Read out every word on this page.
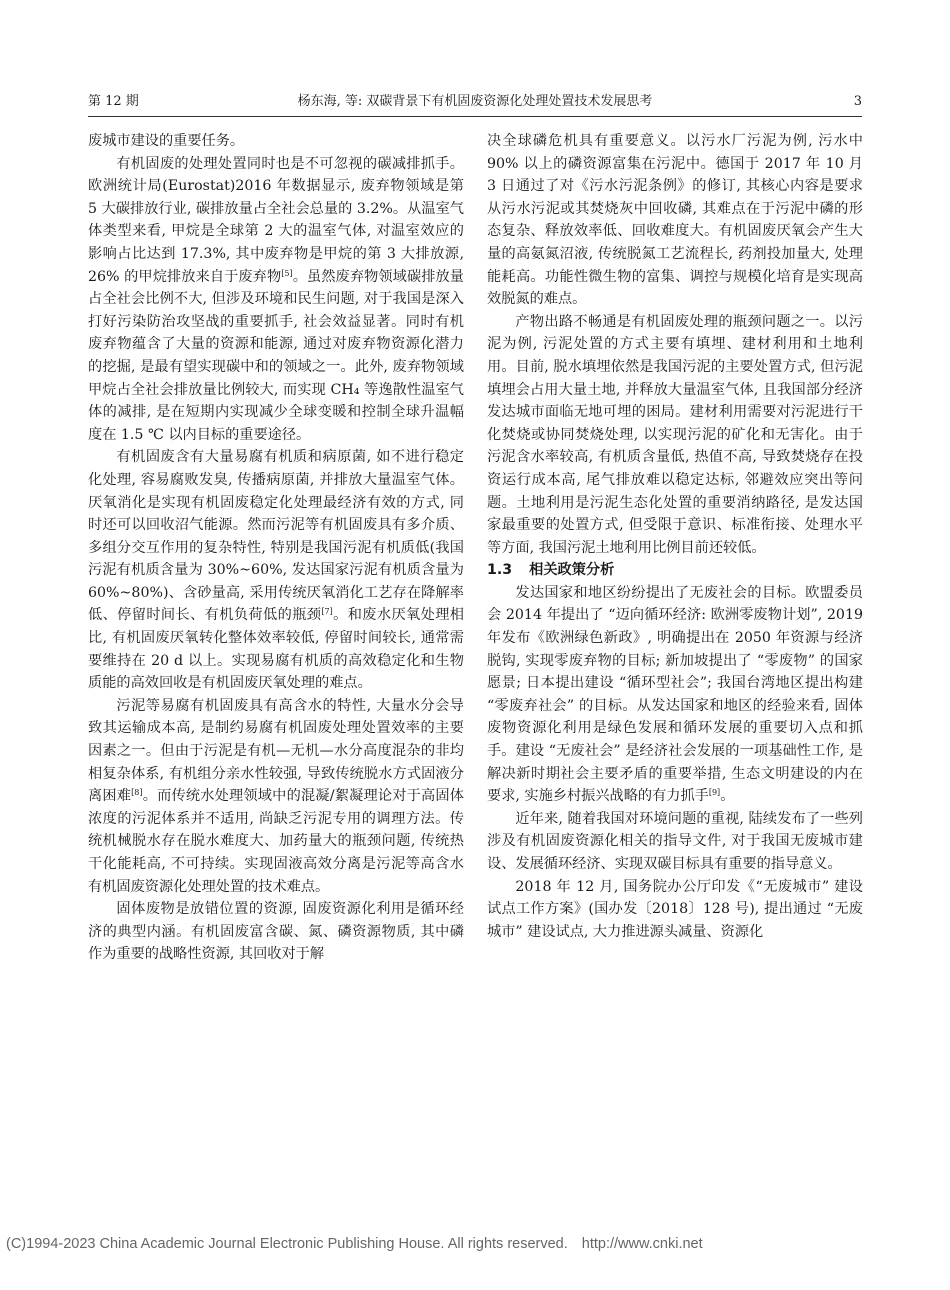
第 12 期	杨东海, 等: 双碳背景下有机固废资源化处理处置技术发展思考	3

废城市建设的重要任务。

有机固废的处理处置同时也是不可忽视的碳减排抓手。欧洲统计局(Eurostat)2016 年数据显示, 废弃物领域是第 5 大碳排放行业, 碳排放量占全社会总量的 3.2%。从温室气体类型来看, 甲烷是全球第 2 大的温室气体, 对温室效应的影响占比达到 17.3%, 其中废弃物是甲烷的第 3 大排放源, 26% 的甲烷排放来自于废弃物[5]。虽然废弃物领域碳排放量占全社会比例不大, 但涉及环境和民生问题, 对于我国是深入打好污染防治攻坚战的重要抓手, 社会效益显著。同时有机废弃物蕴含了大量的资源和能源, 通过对废弃物资源化潜力的挖掘, 是最有望实现碳中和的领域之一。此外, 废弃物领域甲烷占全社会排放量比例较大, 而实现 CH₄ 等逸散性温室气体的减排, 是在短期内实现减少全球变暖和控制全球升温幅度在 1.5 ℃ 以内目标的重要途径。

有机固废含有大量易腐有机质和病原菌, 如不进行稳定化处理, 容易腐败发臭, 传播病原菌, 并排放大量温室气体。厌氧消化是实现有机固废稳定化处理最经济有效的方式, 同时还可以回收沼气能源。然而污泥等有机固废具有多介质、多组分交互作用的复杂特性, 特别是我国污泥有机质低(我国污泥有机质含量为 30%~60%, 发达国家污泥有机质含量为 60%~80%)、含砂量高, 采用传统厌氧消化工艺存在降解率低、停留时间长、有机负荷低的瓶颈[7]。和废水厌氧处理相比, 有机固废厌氧转化整体效率较低, 停留时间较长, 通常需要维持在 20 d 以上。实现易腐有机质的高效稳定化和生物质能的高效回收是有机固废厌氧处理的难点。

污泥等易腐有机固废具有高含水的特性, 大量水分会导致其运输成本高, 是制约易腐有机固废处理处置效率的主要因素之一。但由于污泥是有机—无机—水分高度混杂的非均相复杂体系, 有机组分亲水性较强, 导致传统脱水方式固液分离困难[8]。而传统水处理领域中的混凝/絮凝理论对于高固体浓度的污泥体系并不适用, 尚缺乏污泥专用的调理方法。传统机械脱水存在脱水难度大、加药量大的瓶颈问题, 传统热干化能耗高, 不可持续。实现固液高效分离是污泥等高含水有机固废资源化处理处置的技术难点。

固体废物是放错位置的资源, 固废资源化利用是循环经济的典型内涵。有机固废富含碳、氮、磷资源物质, 其中磷作为重要的战略性资源, 其回收对于解

决全球磷危机具有重要意义。以污水厂污泥为例, 污水中 90% 以上的磷资源富集在污泥中。德国于 2017 年 10 月 3 日通过了对《污水污泥条例》的修订, 其核心内容是要求从污水污泥或其焚烧灰中回收磷, 其难点在于污泥中磷的形态复杂、释放效率低、回收难度大。有机固废厌氧会产生大量的高氨氮沼液, 传统脱氮工艺流程长, 药剂投加量大, 处理能耗高。功能性微生物的富集、调控与规模化培育是实现高效脱氮的难点。

产物出路不畅通是有机固废处理的瓶颈问题之一。以污泥为例, 污泥处置的方式主要有填埋、建材利用和土地利用。目前, 脱水填埋依然是我国污泥的主要处置方式, 但污泥填埋会占用大量土地, 并释放大量温室气体, 且我国部分经济发达城市面临无地可埋的困局。建材利用需要对污泥进行干化焚烧或协同焚烧处理, 以实现污泥的矿化和无害化。由于污泥含水率较高, 有机质含量低, 热值不高, 导致焚烧存在投资运行成本高, 尾气排放难以稳定达标, 邻避效应突出等问题。土地利用是污泥生态化处置的重要消纳路径, 是发达国家最重要的处置方式, 但受限于意识、标准衔接、处理水平等方面, 我国污泥土地利用比例目前还较低。

1.3 相关政策分析

发达国家和地区纷纷提出了无废社会的目标。欧盟委员会 2014 年提出了 “迈向循环经济: 欧洲零废物计划”, 2019 年发布《欧洲绿色新政》, 明确提出在 2050 年资源与经济脱钩, 实现零废弃物的目标; 新加坡提出了 “零废物” 的国家愿景; 日本提出建设 “循环型社会”; 我国台湾地区提出构建 “零废弃社会” 的目标。从发达国家和地区的经验来看, 固体废物资源化利用是绿色发展和循环发展的重要切入点和抓手。建设 “无废社会” 是经济社会发展的一项基础性工作, 是解决新时期社会主要矛盾的重要举措, 生态文明建设的内在要求, 实施乡村振兴战略的有力抓手[9]。

近年来, 随着我国对环境问题的重视, 陆续发布了一些列涉及有机固废资源化相关的指导文件, 对于我国无废城市建设、发展循环经济、实现双碳目标具有重要的指导意义。

2018 年 12 月, 国务院办公厅印发《“无废城市” 建设试点工作方案》(国办发〔2018〕128 号), 提出通过 “无废城市” 建设试点, 大力推进源头减量、资源化

(C)1994-2023 China Academic Journal Electronic Publishing House. All rights reserved. http://www.cnki.net
